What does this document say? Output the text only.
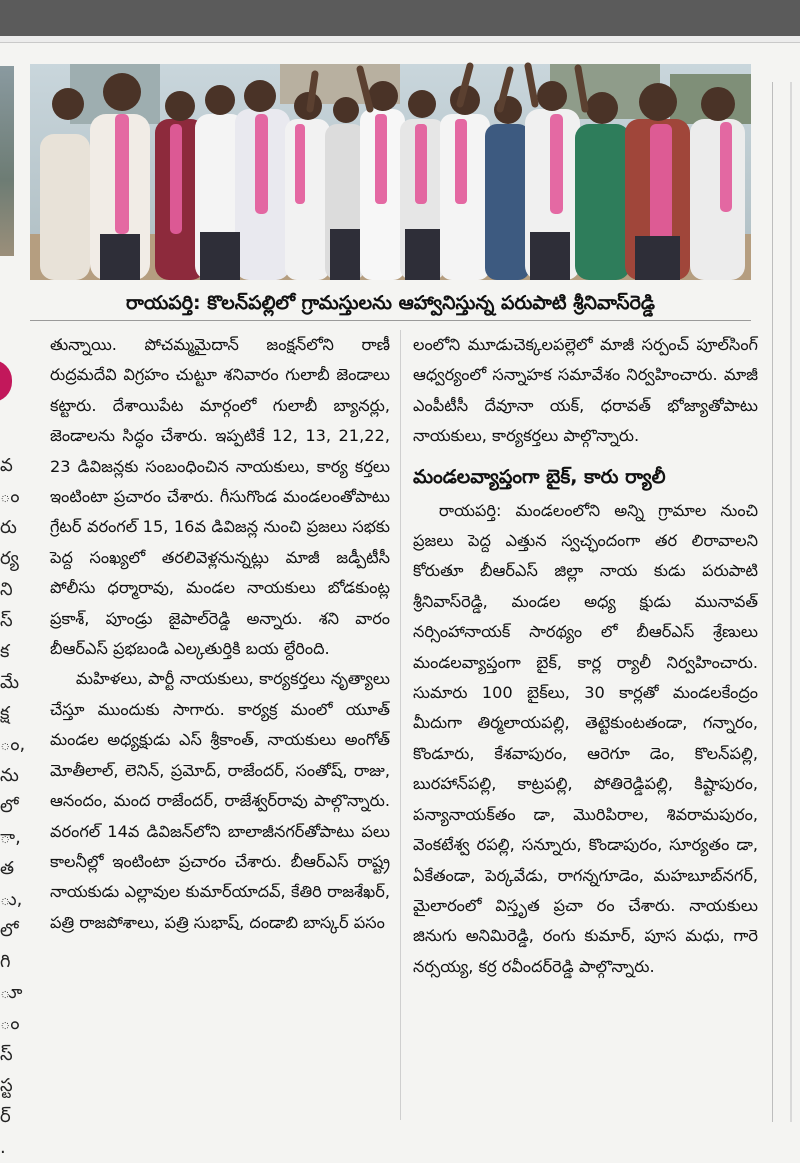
వ
ం
రు
ర్య
ని
స్
క
మే
క్ష
ం,
ను
లో
ా,
త
ు,
లో
గి
ూ
ం
స్
స్ట
ర్
.
రాయపర్తి: కొలన్‌పల్లిలో గ్రామస్తులను ఆహ్వానిస్తున్న పరుపాటి శ్రీనివాస్‌రెడ్డి

తున్నాయి. పోచమ్మమైదాన్ జంక్షన్‌లోని రాణీ రుద్రమదేవి విగ్రహం చుట్టూ శనివారం గులాబీ జెండాలు కట్టారు. దేశాయిపేట మార్గంలో గులాబీ బ్యానర్లు, జెండాలను సిద్ధం చేశారు. ఇప్పటికే 12, 13, 21,22, 23 డివిజన్లకు సంబంధించిన నాయకులు, కార్య కర్తలు ఇంటింటా ప్రచారం చేశారు. గీసుగొండ మండలంతోపాటు గ్రేటర్ వరంగల్ 15, 16వ డివిజన్ల నుంచి ప్రజలు సభకు పెద్ద సంఖ్యలో తరలివెళ్లనున్నట్లు మాజీ జడ్పీటీసీ పోలీసు ధర్మారావు, మండల నాయకులు బోడకుంట్ల ప్రకాశ్, పూండ్రు జైపాల్‌రెడ్డి అన్నారు. శని వారం బీఆర్ఎస్ ప్రభబండి ఎల్కతుర్తికి బయ ల్దేరింది.

మహిళలు, పార్టీ నాయకులు, కార్యకర్తలు నృత్యాలు చేస్తూ ముందుకు సాగారు. కార్యక్ర మంలో యూత్ మండల అధ్యక్షుడు ఎస్ శ్రీకాంత్, నాయకులు అంగోత్ మోతీలాల్, లెనిన్, ప్రమోద్, రాజేందర్, సంతోష్, రాజు, ఆనందం, మంద రాజేందర్, రాజేశ్వర్‌రావు పాల్గొన్నారు. వరంగల్ 14వ డివిజన్‌లోని బాలాజీనగర్‌తోపాటు పలు కాలనీల్లో ఇంటింటా ప్రచారం చేశారు. బీఆర్ఎస్ రాష్ట్ర నాయకుడు ఎల్లావుల కుమార్‌యాదవ్, కేతిరి రాజశేఖర్, పత్రి రాజపోశాలు, పత్రి సుభాష్, దండాబి బాస్కర్ పసం

లంలోని మూడుచెక్కలపల్లెలో మాజీ సర్పంచ్ పూల్‌సింగ్ ఆధ్వర్యంలో సన్నాహక సమావేశం నిర్వహించారు. మాజీ ఎంపీటీసీ దేవూనా యక్, ధరావత్ భోజ్యాతోపాటు నాయకులు, కార్యకర్తలు పాల్గొన్నారు.

మండలవ్యాప్తంగా బైక్, కారు ర్యాలీ

రాయపర్తి: మండలంలోని అన్ని గ్రామాల నుంచి ప్రజలు పెద్ద ఎత్తున స్వచ్ఛందంగా తర లిరావాలని కోరుతూ బీఆర్ఎస్ జిల్లా నాయ కుడు పరుపాటి శ్రీనివాస్‌రెడ్డి, మండల అధ్య క్షుడు మునావత్ నర్సింహానాయక్ సారథ్యం లో బీఆర్ఎస్ శ్రేణులు మండలవ్యాప్తంగా బైక్, కార్ల ర్యాలీ నిర్వహించారు. సుమారు 100 బైక్‌లు, 30 కార్లతో మండలకేంద్రం మీదుగా తిర్మలాయపల్లి, తెట్టెకుంటతండా, గన్నారం, కొండూరు, కేశవాపురం, ఆరెగూ డెం, కొలన్‌పల్లి, బురహాన్‌పల్లి, కాట్రపల్లి, పోతిరెడ్డిపల్లి, కిష్టాపురం, పన్యానాయక్‌తం డా, మొరిపిరాల, శివరామపురం, వెంకటేశ్వ రపల్లి, సన్నూరు, కొండాపురం, సూర్యతం డా, ఏకేతండా, పెర్కవేడు, రాగన్నగూడెం, మహబూబ్‌నగర్, మైలారంలో విస్తృత ప్రచా రం చేశారు. నాయకులు జినుగు అనిమిరెడ్డి, రంగు కుమార్, పూస మధు, గారె నర్సయ్య, కర్ర రవీందర్‌రెడ్డి పాల్గొన్నారు.
